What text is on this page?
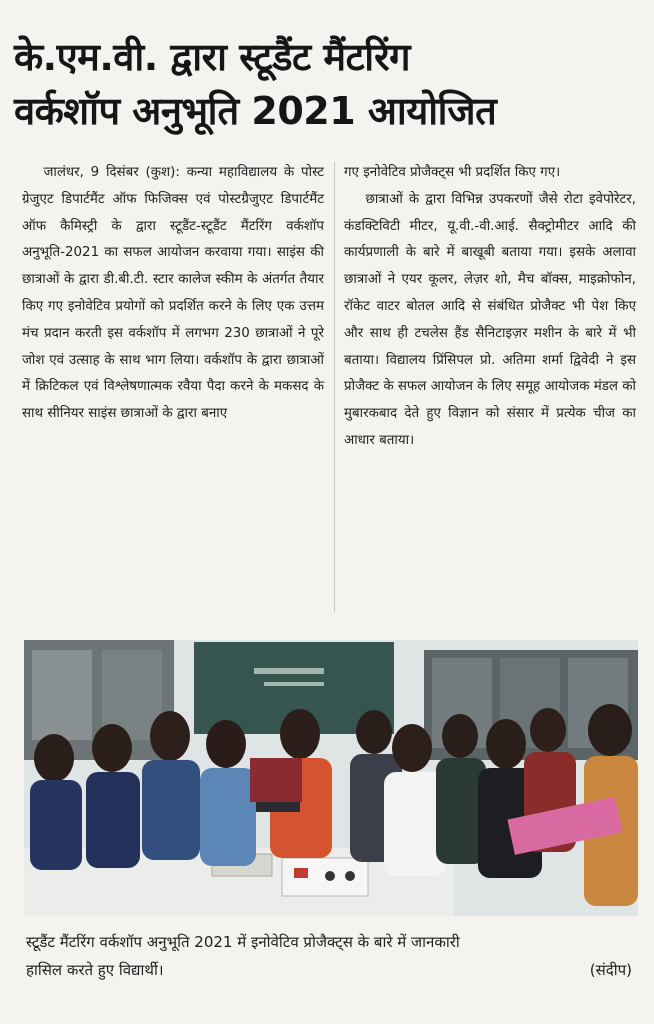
के.एम.वी. द्वारा स्टूडैंट मैंटरिंग
वर्कशॉप अनुभूति 2021 आयोजित

जालंधर, 9 दिसंबर (कुश): कन्या महाविद्यालय के पोस्ट ग्रेजुएट डिपार्टमैंट ऑफ फिजिक्स एवं पोस्टग्रैजुएट डिपार्टमैंट ऑफ कैमिस्ट्री के द्वारा स्टूडैंट-स्टूडैंट मैंटरिंग वर्कशॉप अनुभूति-2021 का सफल आयोजन करवाया गया। साइंस की छात्राओं के द्वारा डी.बी.टी. स्टार कालेज स्कीम के अंतर्गत तैयार किए गए इनोवेटिव प्रयोगों को प्रदर्शित करने के लिए एक उत्तम मंच प्रदान करती इस वर्कशॉप में लगभग 230 छात्राओं ने पूरे जोश एवं उत्साह के साथ भाग लिया। वर्कशॉप के द्वारा छात्राओं में क्रिटिकल एवं विश्लेषणात्मक रवैया पैदा करने के मकसद के साथ सीनियर साइंस छात्राओं के द्वारा बनाए

गए इनोवेटिव प्रोजैक्ट्स भी प्रदर्शित किए गए।

छात्राओं के द्वारा विभिन्न उपकरणों जैसे रोटा इवेपोरेटर, कंडक्टिविटी मीटर, यू.वी.-वी.आई. सैक्ट्रोमीटर आदि की कार्यप्रणाली के बारे में बाखूबी बताया गया। इसके अलावा छात्राओं ने एयर कूलर, लेज़र शो, मैच बॉक्स, माइक्रोफोन, रॉकेट वाटर बोतल आदि से संबंधित प्रोजैक्ट भी पेश किए और साथ ही टचलेस हैंड सैनिटाइज़र मशीन के बारे में भी बताया। विद्यालय प्रिंसिपल प्रो. अतिमा शर्मा द्विवेदी ने इस प्रोजैक्ट के सफल आयोजन के लिए समूह आयोजक मंडल को मुबारकबाद देते हुए विज्ञान को संसार में प्रत्येक चीज का आधार बताया।

स्टूडैंट मैंटरिंग वर्कशॉप अनुभूति 2021 में इनोवेटिव प्रोजैक्ट्स के बारे में जानकारी
हासिल करते हुए विद्यार्थी।	(संदीप)
